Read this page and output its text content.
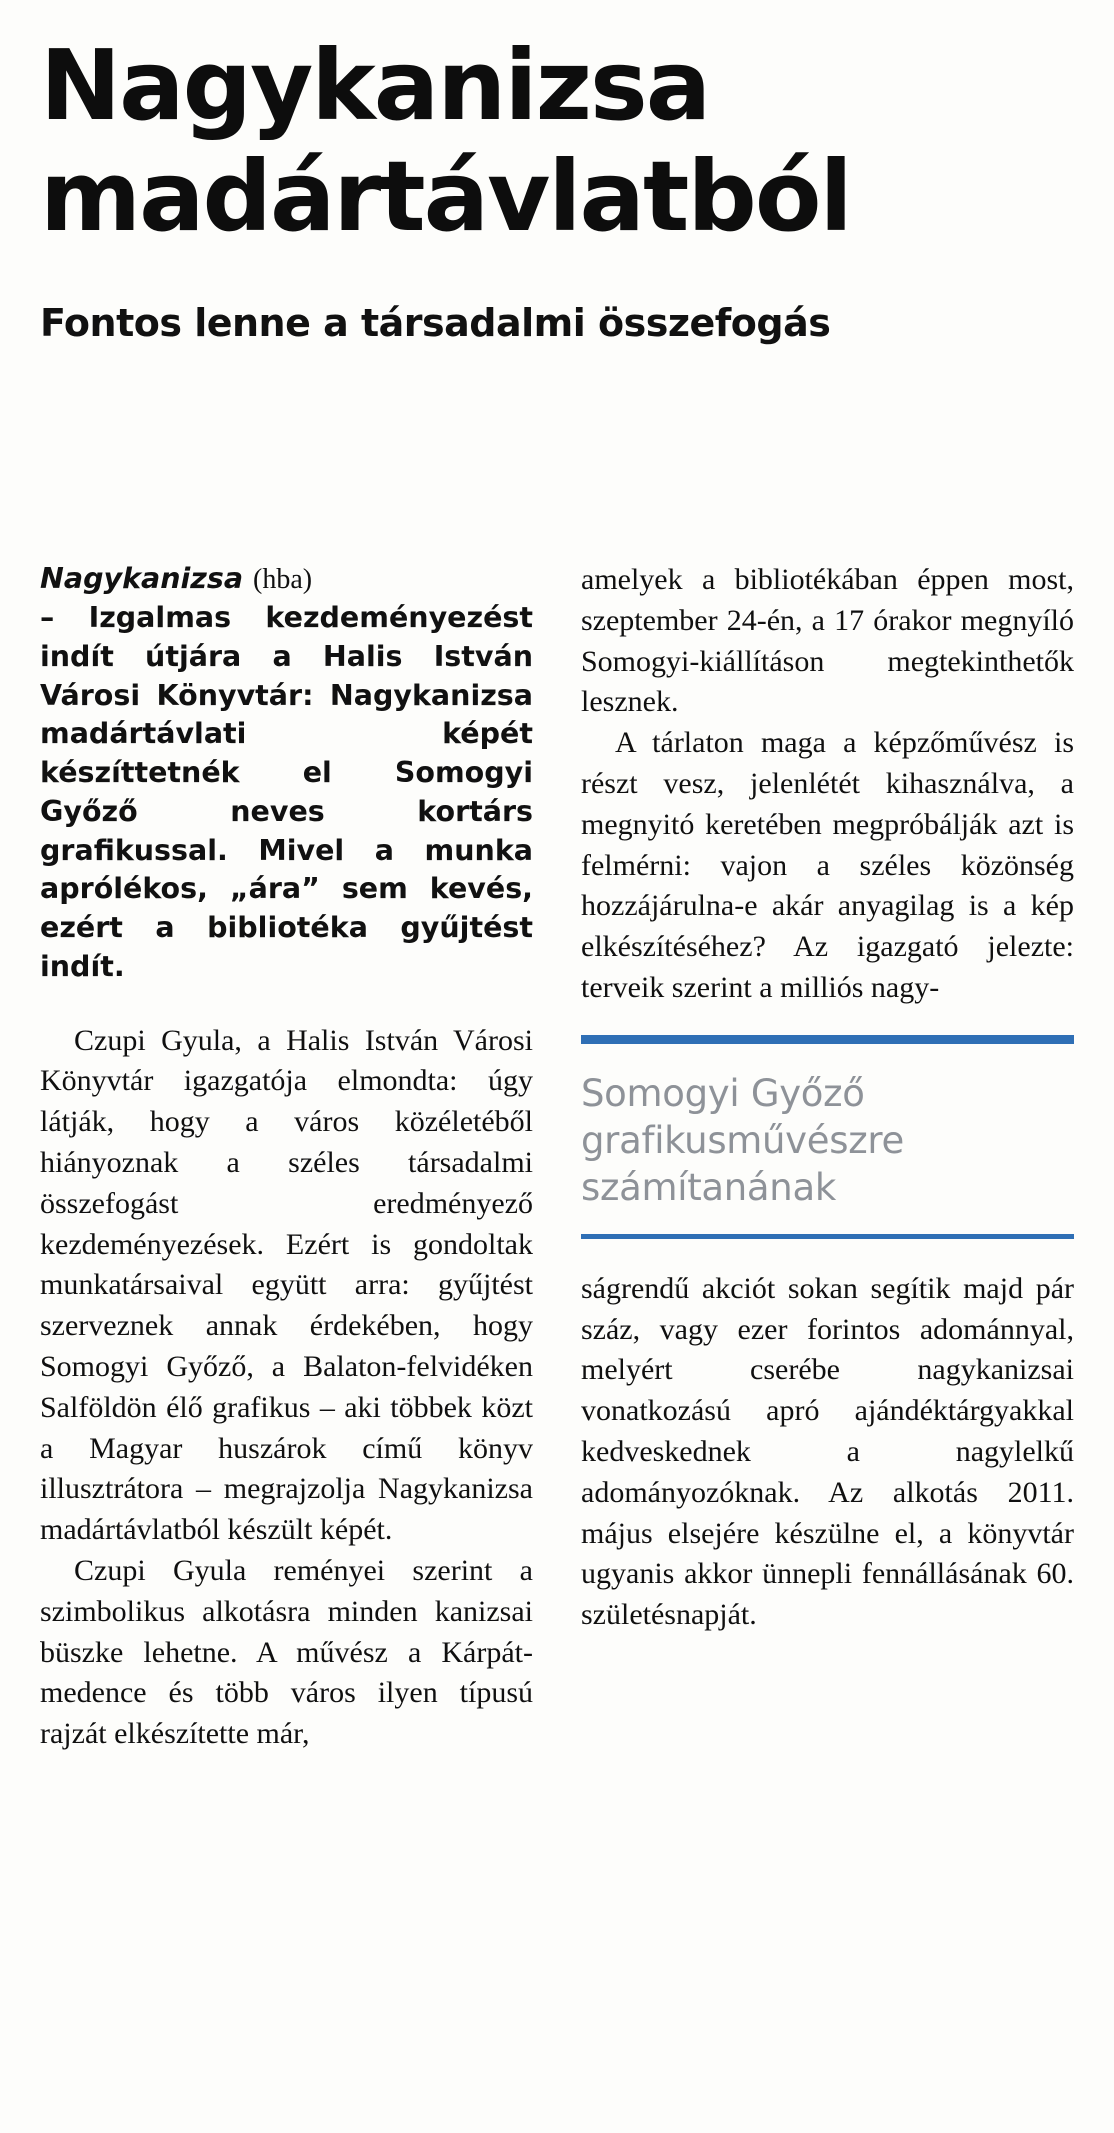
Nagykanizsa
madártávlatból
Fontos lenne a társadalmi összefogás

Nagykanizsa (hba)
– Izgalmas kezdeményezést indít útjára a Halis István Városi Könyvtár: Nagykanizsa madártávlati képét készíttetnék el Somogyi Győző neves kortárs grafikussal. Mivel a munka aprólékos, „ára” sem kevés, ezért a bibliotéka gyűjtést indít.

Czupi Gyula, a Halis István Városi Könyvtár igazgatója elmondta: úgy látják, hogy a város közéletéből hiányoznak a széles társadalmi összefogást eredményező kezdeményezések. Ezért is gondoltak munkatársaival együtt arra: gyűjtést szerveznek annak érdekében, hogy Somogyi Győző, a Balaton-felvidéken Salföldön élő grafikus – aki többek közt a Magyar huszárok című könyv illusztrátora – megrajzolja Nagykanizsa madártávlatból készült képét.

Czupi Gyula reményei szerint a szimbolikus alkotásra minden kanizsai büszke lehetne. A művész a Kárpát-medence és több város ilyen típusú rajzát elkészítette már,

amelyek a bibliotékában éppen most, szeptember 24-én, a 17 órakor megnyíló Somogyi-kiállításon megtekinthetők lesznek.

A tárlaton maga a képzőművész is részt vesz, jelenlétét kihasználva, a megnyitó keretében megpróbálják azt is felmérni: vajon a széles közönség hozzájárulna-e akár anyagilag is a kép elkészítéséhez? Az igazgató jelezte: terveik szerint a milliós nagy-

Somogyi Győző grafikusművészre számítanának

ságrendű akciót sokan segítik majd pár száz, vagy ezer forintos adománnyal, melyért cserébe nagykanizsai vonatkozású apró ajándéktárgyakkal kedveskednek a nagylelkű adományozóknak. Az alkotás 2011. május elsejére készülne el, a könyvtár ugyanis akkor ünnepli fennállásának 60. születésnapját.
